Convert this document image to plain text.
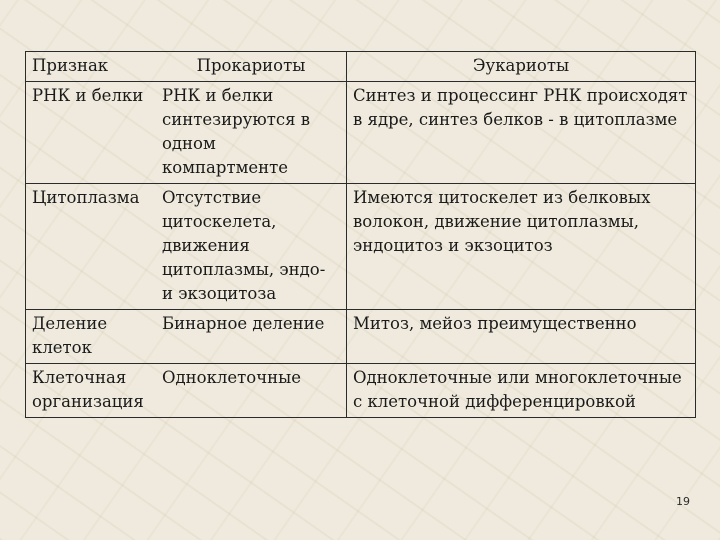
Признак	Прокариоты	Эукариоты
РНК и белки	РНК и белки синтезируются в одном компартменте	Синтез и процессинг РНК происходят в ядре, синтез белков - в цитоплазме
Цитоплазма	Отсутствие цитоскелета, движения цитоплазмы, эндо- и экзоцитоза	Имеются цитоскелет из белковых волокон, движение цитоплазмы, эндоцитоз и экзоцитоз
Деление клеток	Бинарное деление	Митоз, мейоз преимущественно
Клеточная организация	Одноклеточные	Одноклеточные или многоклеточные с клеточной дифференцировкой
19
